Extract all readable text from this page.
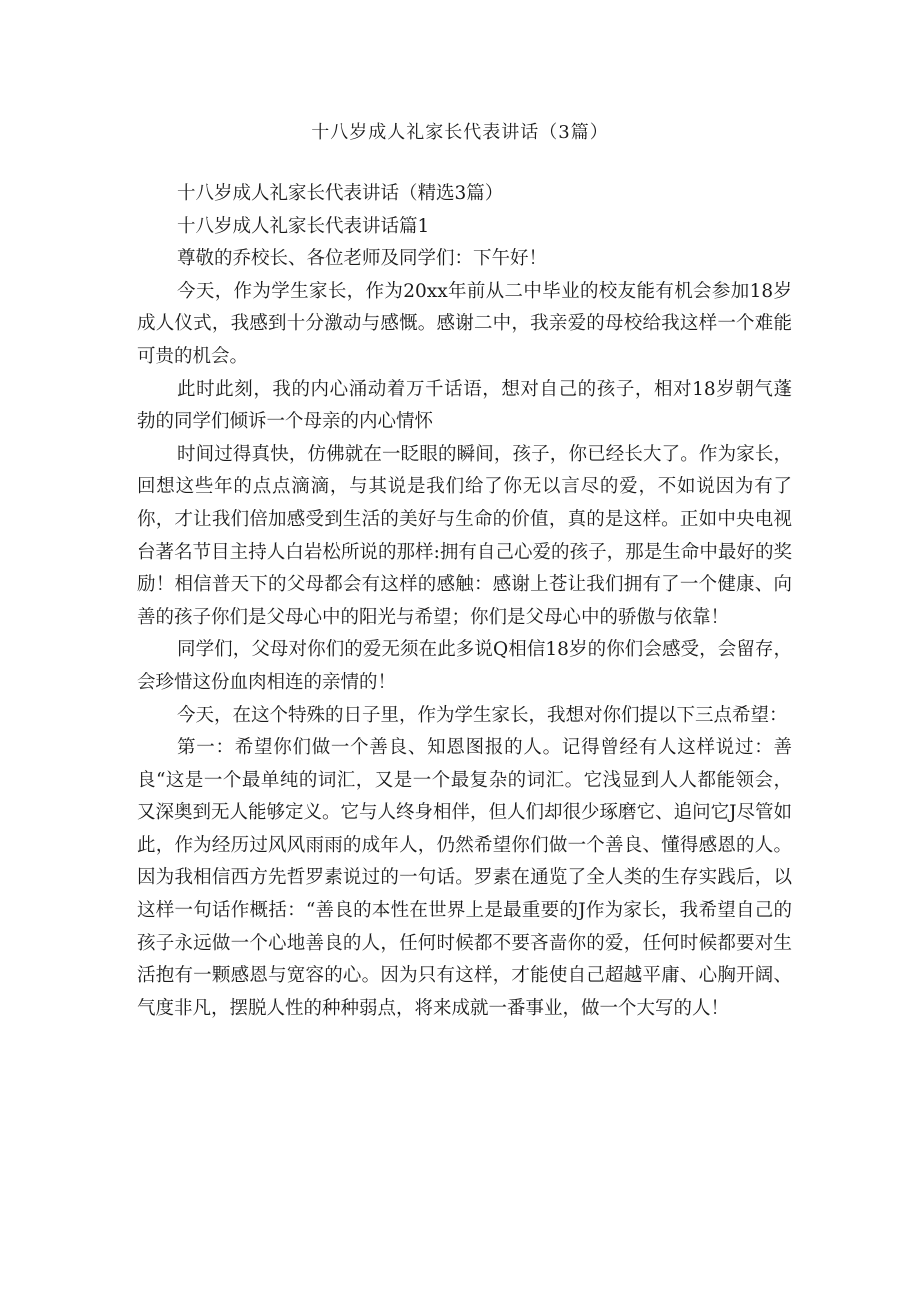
十八岁成人礼家长代表讲话（3篇）

十八岁成人礼家长代表讲话（精选3篇）

十八岁成人礼家长代表讲话篇1

尊敬的乔校长、各位老师及同学们：下午好！

今天，作为学生家长，作为20xx年前从二中毕业的校友能有机会参加18岁成人仪式，我感到十分激动与感慨。感谢二中，我亲爱的母校给我这样一个难能可贵的机会。

此时此刻，我的内心涌动着万千话语，想对自己的孩子，相对18岁朝气蓬勃的同学们倾诉一个母亲的内心情怀

时间过得真快，仿佛就在一眨眼的瞬间，孩子，你已经长大了。作为家长，回想这些年的点点滴滴，与其说是我们给了你无以言尽的爱，不如说因为有了你，才让我们倍加感受到生活的美好与生命的价值，真的是这样。正如中央电视台著名节目主持人白岩松所说的那样:拥有自己心爱的孩子，那是生命中最好的奖励！相信普天下的父母都会有这样的感触：感谢上苍让我们拥有了一个健康、向善的孩子你们是父母心中的阳光与希望；你们是父母心中的骄傲与依靠！

同学们，父母对你们的爱无须在此多说Q相信18岁的你们会感受，会留存，会珍惜这份血肉相连的亲情的！

今天，在这个特殊的日子里，作为学生家长，我想对你们提以下三点希望：

第一：希望你们做一个善良、知恩图报的人。记得曾经有人这样说过：善良“这是一个最单纯的词汇，又是一个最复杂的词汇。它浅显到人人都能领会，又深奥到无人能够定义。它与人终身相伴，但人们却很少琢磨它、追问它J尽管如此，作为经历过风风雨雨的成年人，仍然希望你们做一个善良、懂得感恩的人。因为我相信西方先哲罗素说过的一句话。罗素在通览了全人类的生存实践后，以这样一句话作概括：“善良的本性在世界上是最重要的J作为家长，我希望自己的孩子永远做一个心地善良的人，任何时候都不要吝啬你的爱，任何时候都要对生活抱有一颗感恩与宽容的心。因为只有这样，才能使自己超越平庸、心胸开阔、气度非凡，摆脱人性的种种弱点，将来成就一番事业，做一个大写的人！
